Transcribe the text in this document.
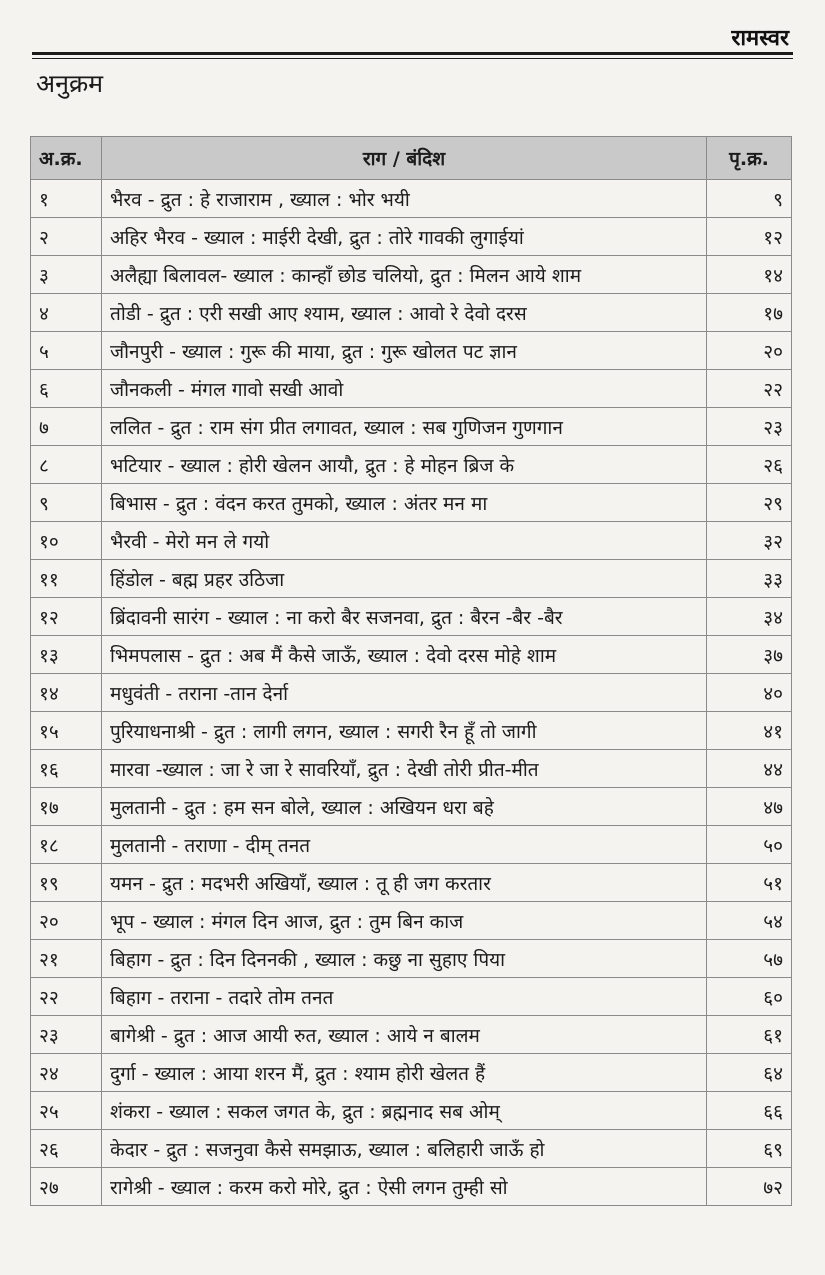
रामस्वर
अनुक्रम
अ.क्र.	राग / बंदिश	पृ.क्र.
१	भैरव - द्रुत : हे राजाराम , ख्याल : भोर भयी	९
२	अहिर भैरव - ख्याल : माईरी देखी, द्रुत : तोरे गावकी लुगाईयां	१२
३	अलैह्या बिलावल- ख्याल : कान्हाँ छोड चलियो, द्रुत : मिलन आये शाम	१४
४	तोडी - द्रुत : एरी सखी आए श्याम, ख्याल : आवो रे देवो दरस	१७
५	जौनपुरी - ख्याल : गुरू की माया, द्रुत : गुरू खोलत पट ज्ञान	२०
६	जौनकली - मंगल गावो सखी आवो	२२
७	ललित - द्रुत : राम संग प्रीत लगावत, ख्याल : सब गुणिजन गुणगान	२३
८	भटियार - ख्याल : होरी खेलन आयौ, द्रुत : हे मोहन ब्रिज के	२६
९	बिभास - द्रुत : वंदन करत तुमको, ख्याल : अंतर मन मा	२९
१०	भैरवी - मेरो मन ले गयो	३२
११	हिंडोल - बह्म प्रहर उठिजा	३३
१२	ब्रिंदावनी सारंग - ख्याल : ना करो बैर सजनवा, द्रुत : बैरन -बैर -बैर	३४
१३	भिमपलास - द्रुत : अब मैं कैसे जाऊँ, ख्याल : देवो दरस मोहे शाम	३७
१४	मधुवंती - तराना -तान देर्ना	४०
१५	पुरियाधनाश्री - द्रुत : लागी लगन, ख्याल : सगरी रैन हूँ तो जागी	४१
१६	मारवा -ख्याल : जा रे जा रे सावरियाँ, द्रुत : देखी तोरी प्रीत-मीत	४४
१७	मुलतानी - द्रुत : हम सन बोले, ख्याल : अखियन धरा बहे	४७
१८	मुलतानी - तराणा - दीम् तनत	५०
१९	यमन - द्रुत : मदभरी अखियाँ, ख्याल : तू ही जग करतार	५१
२०	भूप - ख्याल : मंगल दिन आज, द्रुत : तुम बिन काज	५४
२१	बिहाग - द्रुत : दिन दिननकी , ख्याल : कछु ना सुहाए पिया	५७
२२	बिहाग - तराना - तदारे तोम तनत	६०
२३	बागेश्री - द्रुत : आज आयी रुत, ख्याल : आये न बालम	६१
२४	दुर्गा - ख्याल : आया शरन मैं, द्रुत : श्याम होरी खेलत हैं	६४
२५	शंकरा - ख्याल : सकल जगत के, द्रुत : ब्रह्मनाद सब ओम्	६६
२६	केदार - द्रुत : सजनुवा कैसे समझाऊ, ख्याल : बलिहारी जाऊँ हो	६९
२७	रागेश्री - ख्याल : करम करो मोरे, द्रुत : ऐसी लगन तुम्ही सो	७२
